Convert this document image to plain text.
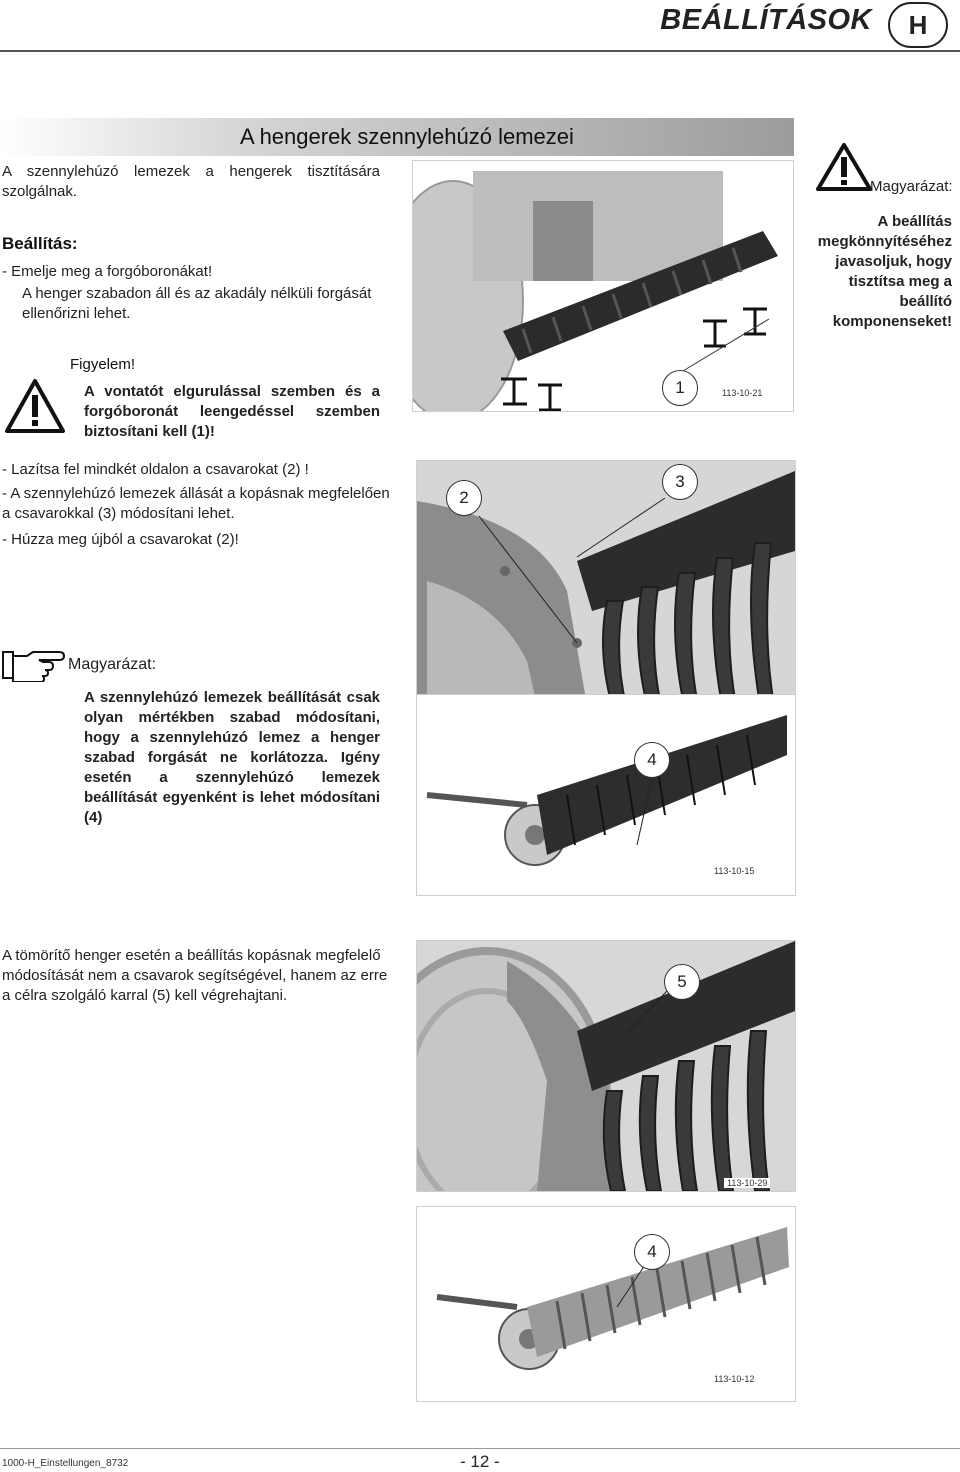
BEÁLLÍTÁSOK	H
A hengerek szennylehúzó lemezei
A szennylehúzó lemezek a hengerek tisztítására szolgálnak.
Beállítás:
- Emelje meg a forgóboronákat!
A henger szabadon áll és az akadály nélküli forgását ellenőrizni lehet.
1	113-10-21
Magyarázat:
A beállítás megkönnyítéséhez javasoljuk, hogy tisztítsa meg a beállító komponenseket!
Figyelem!
A vontatót elgurulással szemben és a forgóboronát leengedéssel szemben biztosítani kell (1)!
- Lazítsa fel mindkét oldalon a csavarokat (2) !
- A szennylehúzó lemezek állását a kopásnak megfelelően a csavarokkal (3) módosítani lehet.
- Húzza meg újból a csavarokat (2)!
2
3
Magyarázat:
A szennylehúzó lemezek beállítását csak olyan mértékben szabad módosítani, hogy a szennylehúzó lemez a henger szabad forgását ne korlátozza. Igény esetén a szennylehúzó lemezek beállítását egyenként is lehet módosítani (4)
4
113-10-15
A tömörítő henger esetén a beállítás kopásnak megfelelő módosítását nem a csavarok segítségével, hanem az erre a célra szolgáló karral (5) kell végrehajtani.
5
113-10-29
4
113-10-12
1000-H_Einstellungen_8732	- 12 -
